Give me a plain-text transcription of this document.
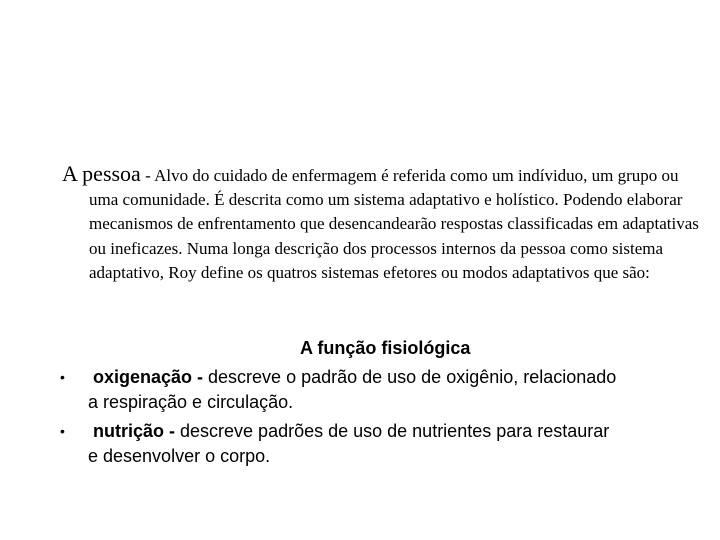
A pessoa - Alvo do cuidado de enfermagem é referida como um indíviduo, um grupo ou uma comunidade. É descrita como um sistema adaptativo e holístico. Podendo elaborar mecanismos de enfrentamento que desencandearão respostas classificadas em adaptativas ou ineficazes. Numa longa descrição dos processos internos da pessoa como sistema adaptativo, Roy define os quatros sistemas efetores ou modos adaptativos que são:

A função fisiológica

• oxigenação - descreve o padrão de uso de oxigênio, relacionado a respiração e circulação.
• nutrição - descreve padrões de uso de nutrientes para restaurar e desenvolver o corpo.
